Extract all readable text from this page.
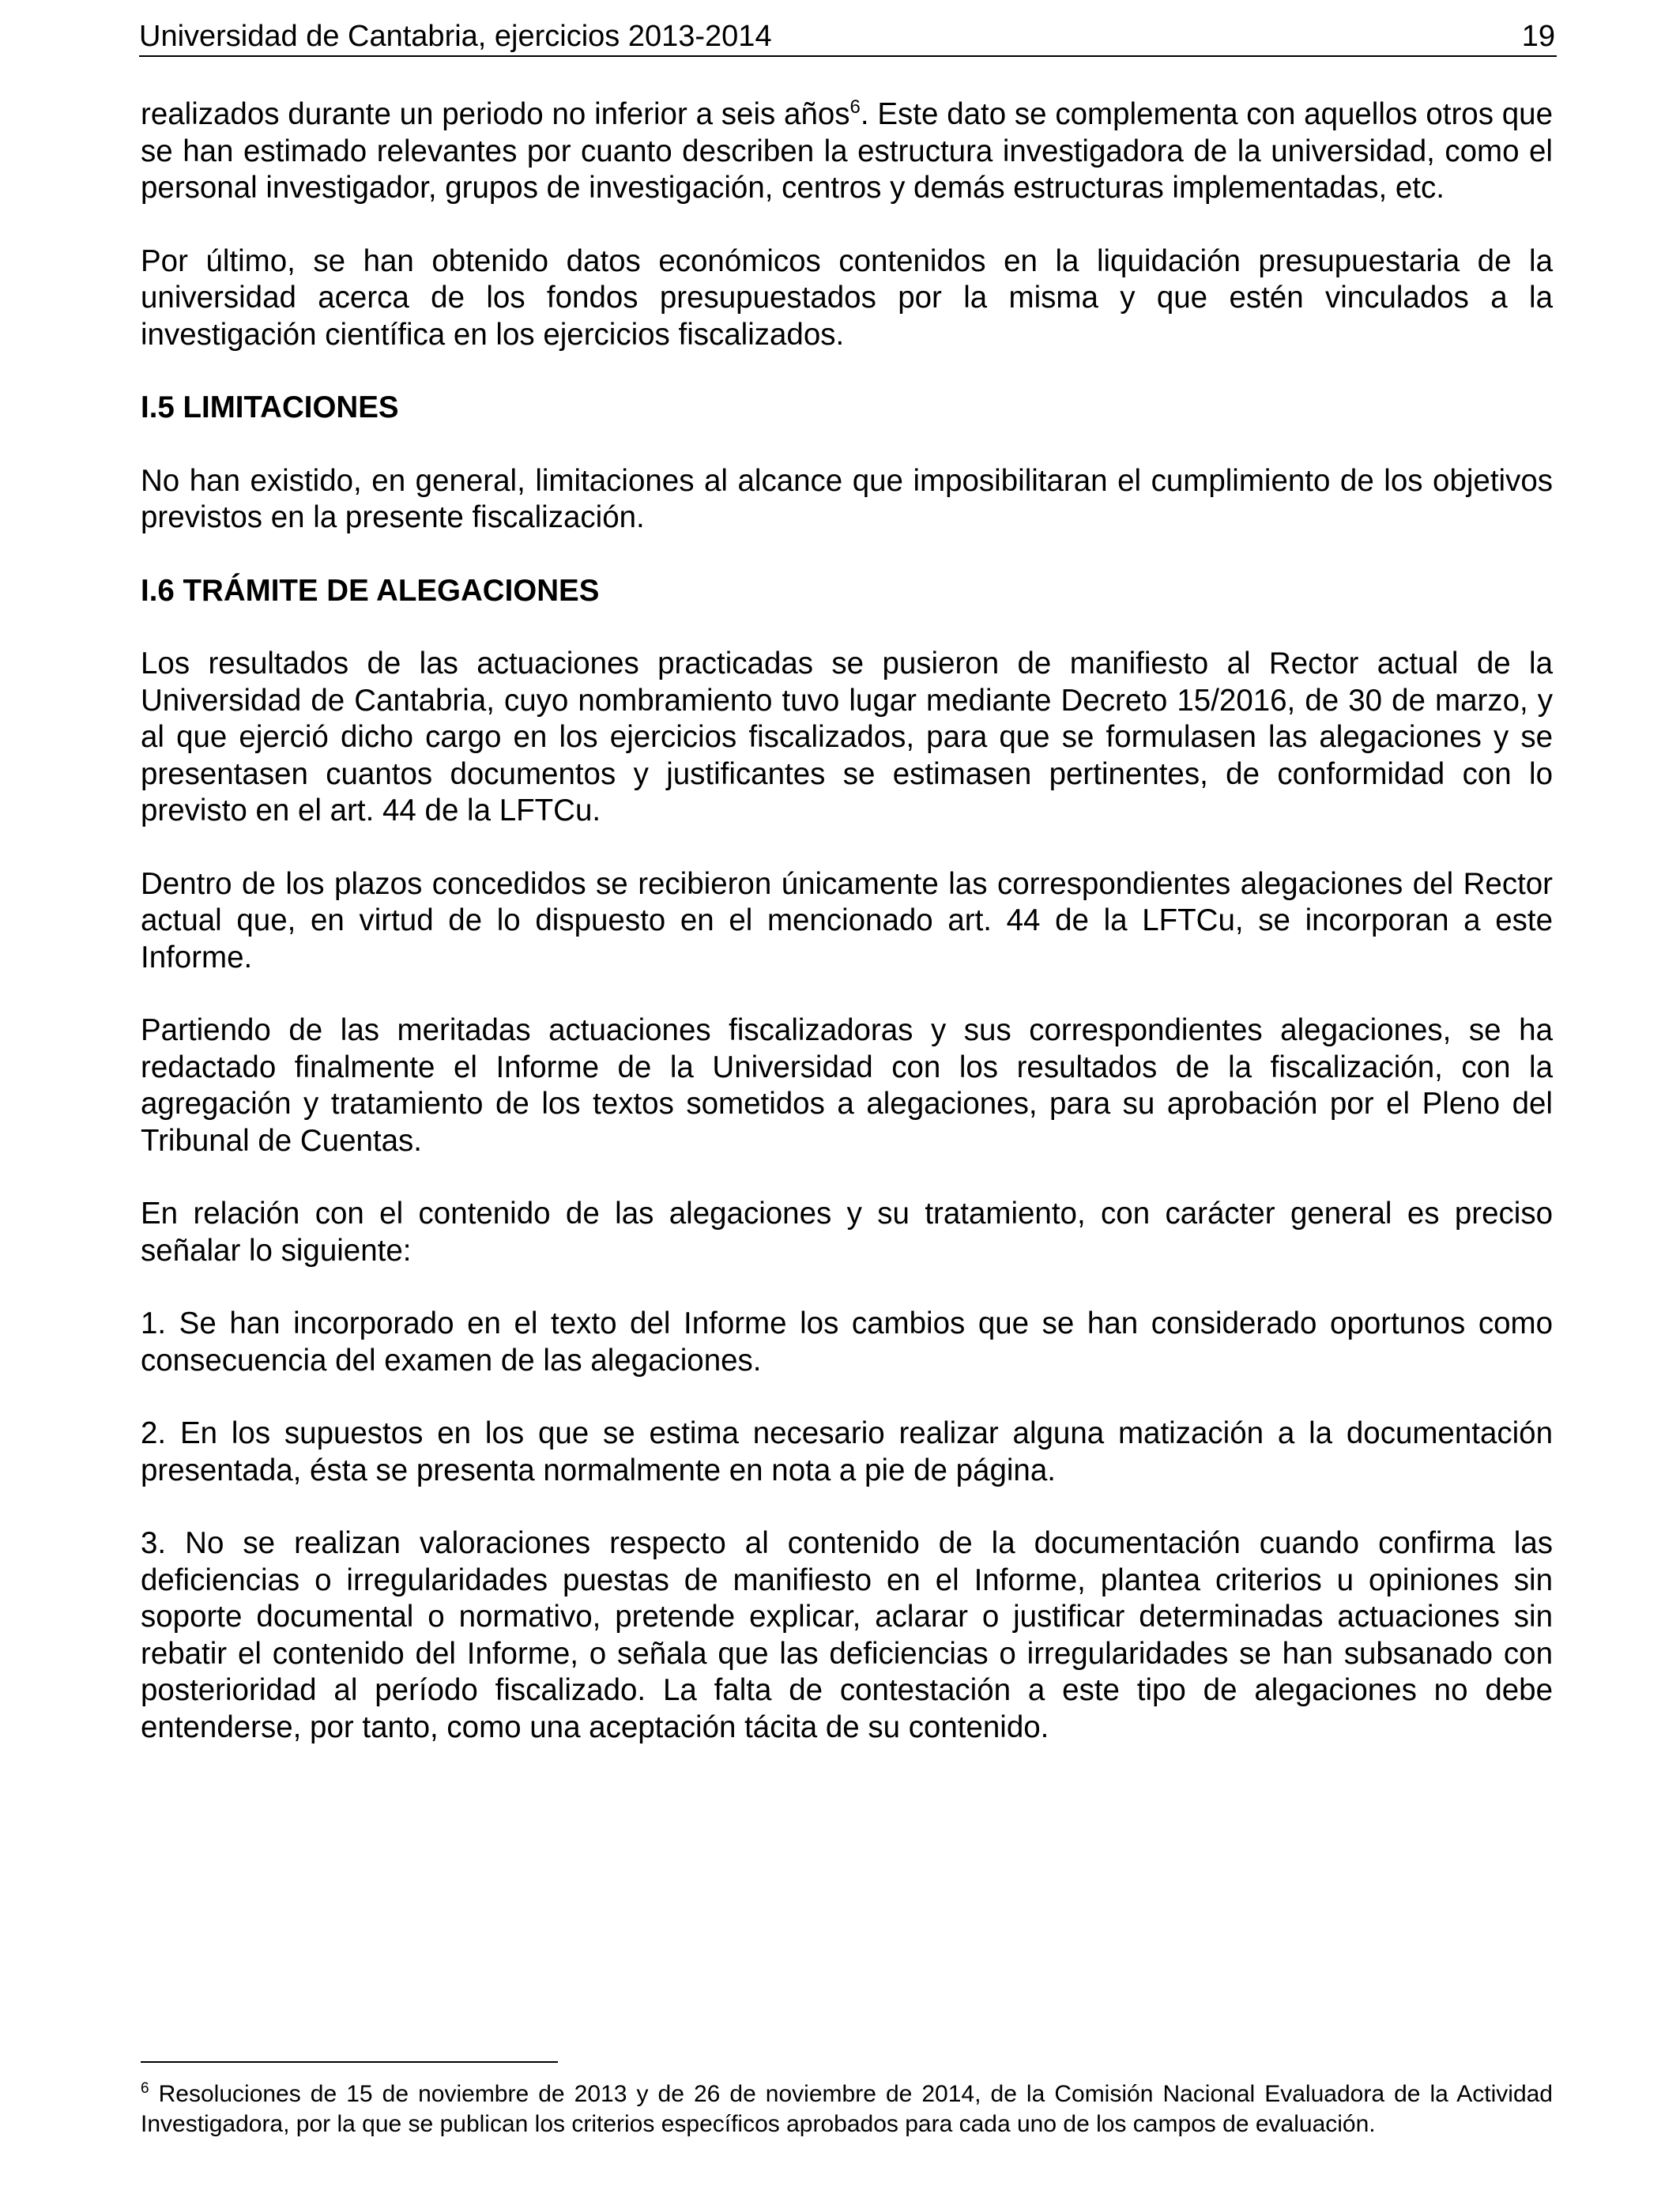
Universidad de Cantabria, ejercicios 2013-2014	19

realizados durante un periodo no inferior a seis años$^6$. Este dato se complementa con aquellos otros que se han estimado relevantes por cuanto describen la estructura investigadora de la universidad, como el personal investigador, grupos de investigación, centros y demás estructuras implementadas, etc.

Por último, se han obtenido datos económicos contenidos en la liquidación presupuestaria de la universidad acerca de los fondos presupuestados por la misma y que estén vinculados a la investigación científica en los ejercicios fiscalizados.

I.5 LIMITACIONES

No han existido, en general, limitaciones al alcance que imposibilitaran el cumplimiento de los objetivos previstos en la presente fiscalización.

I.6 TRÁMITE DE ALEGACIONES

Los resultados de las actuaciones practicadas se pusieron de manifiesto al Rector actual de la Universidad de Cantabria, cuyo nombramiento tuvo lugar mediante Decreto 15/2016, de 30 de marzo, y al que ejerció dicho cargo en los ejercicios fiscalizados, para que se formulasen las alegaciones y se presentasen cuantos documentos y justificantes se estimasen pertinentes, de conformidad con lo previsto en el art. 44 de la LFTCu.

Dentro de los plazos concedidos se recibieron únicamente las correspondientes alegaciones del Rector actual que, en virtud de lo dispuesto en el mencionado art. 44 de la LFTCu, se incorporan a este Informe.

Partiendo de las meritadas actuaciones fiscalizadoras y sus correspondientes alegaciones, se ha redactado finalmente el Informe de la Universidad con los resultados de la fiscalización, con la agregación y tratamiento de los textos sometidos a alegaciones, para su aprobación por el Pleno del Tribunal de Cuentas.

En relación con el contenido de las alegaciones y su tratamiento, con carácter general es preciso señalar lo siguiente:

1. Se han incorporado en el texto del Informe los cambios que se han considerado oportunos como consecuencia del examen de las alegaciones.

2. En los supuestos en los que se estima necesario realizar alguna matización a la documentación presentada, ésta se presenta normalmente en nota a pie de página.

3. No se realizan valoraciones respecto al contenido de la documentación cuando confirma las deficiencias o irregularidades puestas de manifiesto en el Informe, plantea criterios u opiniones sin soporte documental o normativo, pretende explicar, aclarar o justificar determinadas actuaciones sin rebatir el contenido del Informe, o señala que las deficiencias o irregularidades se han subsanado con posterioridad al período fiscalizado. La falta de contestación a este tipo de alegaciones no debe entenderse, por tanto, como una aceptación tácita de su contenido.

$^6$ Resoluciones de 15 de noviembre de 2013 y de 26 de noviembre de 2014, de la Comisión Nacional Evaluadora de la Actividad Investigadora, por la que se publican los criterios específicos aprobados para cada uno de los campos de evaluación.
